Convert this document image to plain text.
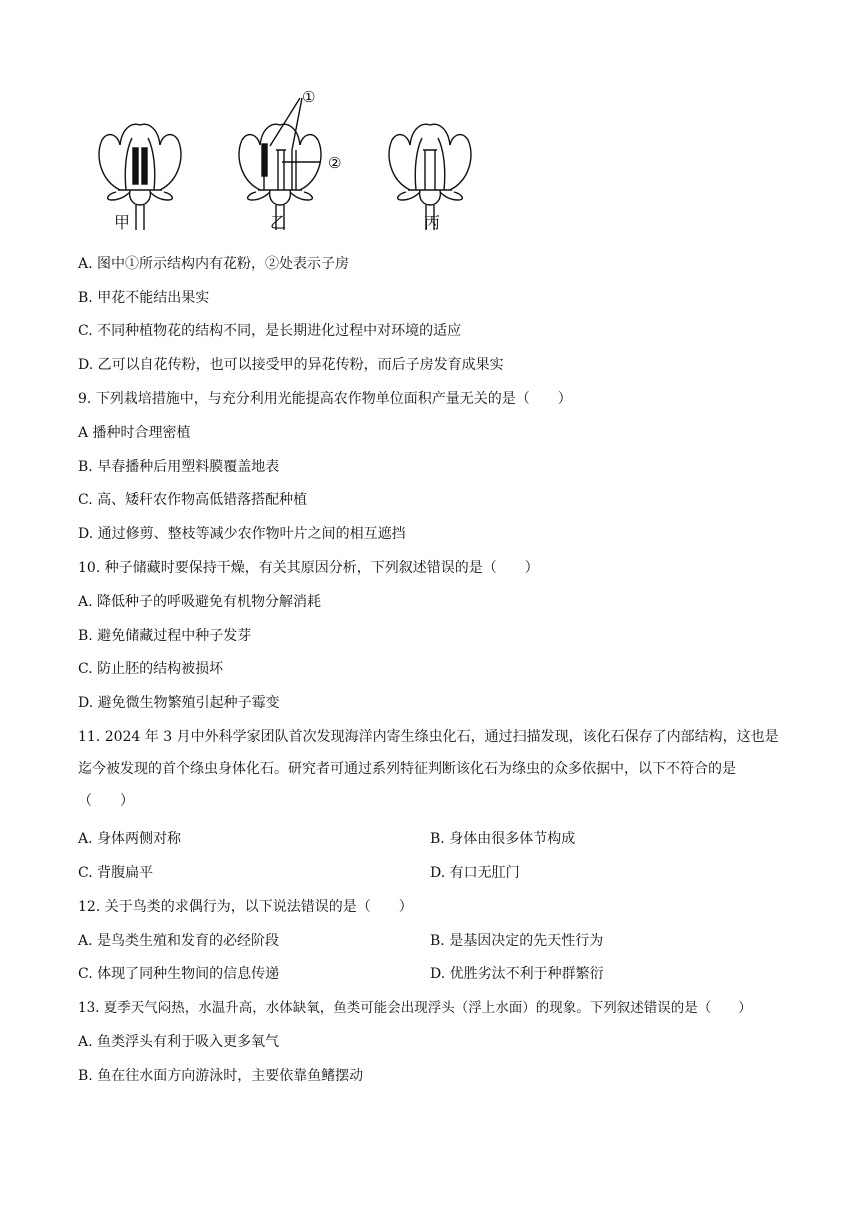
①
②
甲	乙	丙
A. 图中①所示结构内有花粉，②处表示子房
B. 甲花不能结出果实
C. 不同种植物花的结构不同，是长期进化过程中对环境的适应
D. 乙可以自花传粉，也可以接受甲的异花传粉，而后子房发育成果实
9. 下列栽培措施中，与充分利用光能提高农作物单位面积产量无关的是（　　）
A 播种时合理密植
B. 早春播种后用塑料膜覆盖地表
C. 高、矮秆农作物高低错落搭配种植
D. 通过修剪、整枝等减少农作物叶片之间的相互遮挡
10. 种子储藏时要保持干燥，有关其原因分析，下列叙述错误的是（　　）
A. 降低种子的呼吸避免有机物分解消耗
B. 避免储藏过程中种子发芽
C. 防止胚的结构被损坏
D. 避免微生物繁殖引起种子霉变
11. 2024 年 3 月中外科学家团队首次发现海洋内寄生绦虫化石，通过扫描发现，该化石保存了内部结构，这也是迄今被发现的首个绦虫身体化石。研究者可通过系列特征判断该化石为绦虫的众多依据中，以下不符合的是（　　）
A. 身体两侧对称	B. 身体由很多体节构成
C. 背腹扁平	D. 有口无肛门
12. 关于鸟类的求偶行为，以下说法错误的是（　　）
A. 是鸟类生殖和发育的必经阶段	B. 是基因决定的先天性行为
C. 体现了同种生物间的信息传递	D. 优胜劣汰不利于种群繁衍
13. 夏季天气闷热，水温升高，水体缺氧，鱼类可能会出现浮头（浮上水面）的现象。下列叙述错误的是（　　）
A. 鱼类浮头有利于吸入更多氧气
B. 鱼在往水面方向游泳时，主要依靠鱼鳍摆动
